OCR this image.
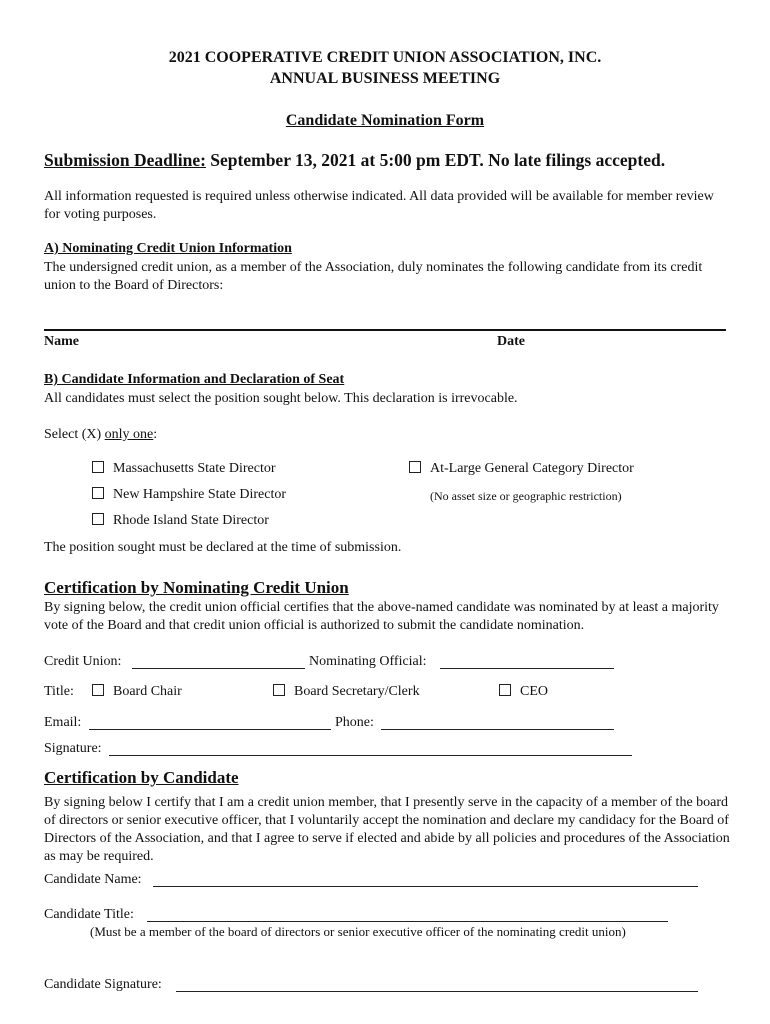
2021 COOPERATIVE CREDIT UNION ASSOCIATION, INC.
ANNUAL BUSINESS MEETING
Candidate Nomination Form
Submission Deadline: September 13, 2021 at 5:00 pm EDT. No late filings accepted.
All information requested is required unless otherwise indicated. All data provided will be available for member review for voting purposes.
A) Nominating Credit Union Information
The undersigned credit union, as a member of the Association, duly nominates the following candidate from its credit union to the Board of Directors:
Name	Date
B) Candidate Information and Declaration of Seat
All candidates must select the position sought below. This declaration is irrevocable.
Select (X) only one:
Massachusetts State Director
New Hampshire State Director
Rhode Island State Director
At-Large General Category Director
(No asset size or geographic restriction)
The position sought must be declared at the time of submission.
Certification by Nominating Credit Union
By signing below, the credit union official certifies that the above-named candidate was nominated by at least a majority vote of the Board and that credit union official is authorized to submit the candidate nomination.
Credit Union:	Nominating Official:
Title:	Board Chair	Board Secretary/Clerk	CEO
Email:	Phone:
Signature:
Certification by Candidate
By signing below I certify that I am a credit union member, that I presently serve in the capacity of a member of the board of directors or senior executive officer, that I voluntarily accept the nomination and declare my candidacy for the Board of Directors of the Association, and that I agree to serve if elected and abide by all policies and procedures of the Association as may be required.
Candidate Name:
Candidate Title:
(Must be a member of the board of directors or senior executive officer of the nominating credit union)
Candidate Signature:
